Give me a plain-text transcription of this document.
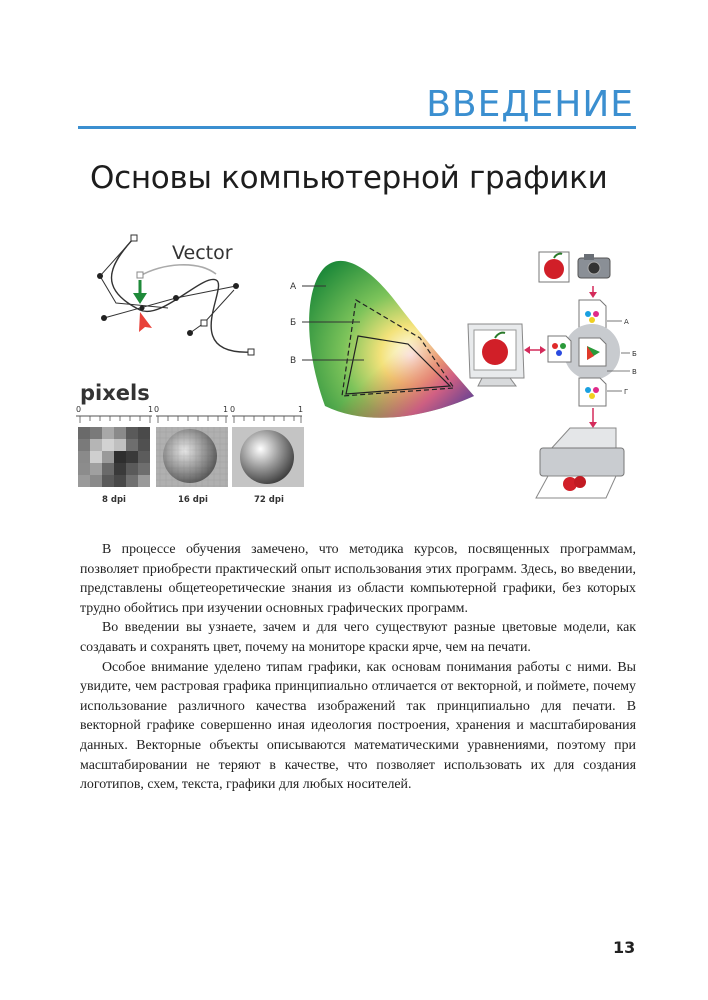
ВВЕДЕНИЕ
Основы компьютерной графики
Vector
pixels
0	1 0	1 0	1
8 dpi	16 dpi	72 dpi
А
Б
В
А
Б
В
Г

В процессе обучения замечено, что методика курсов, посвященных программам, позволяет приобрести практический опыт использования этих программ. Здесь, во введении, представлены общетеоретические знания из области компьютерной графики, без которых трудно обойтись при изучении основных графических программ.

Во введении вы узнаете, зачем и для чего существуют разные цветовые модели, как создавать и сохранять цвет, почему на мониторе краски ярче, чем на печати.

Особое внимание уделено типам графики, как основам понимания работы с ними. Вы увидите, чем растровая графика принципиально отличается от векторной, и поймете, почему использование различного качества изображений так принципиально для печати. В векторной графике совершенно иная идеология построения, хранения и масштабирования данных. Векторные объекты описываются математическими уравнениями, поэтому при масштабировании не теряют в качестве, что позволяет использовать их для создания логотипов, схем, текста, графики для любых носителей.

13
